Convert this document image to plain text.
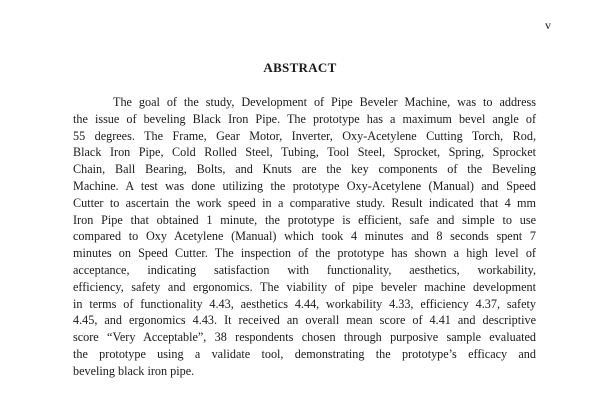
v
ABSTRACT
The goal of the study, Development of Pipe Beveler Machine, was to address
the issue of beveling Black Iron Pipe. The prototype has a maximum bevel angle of
55 degrees. The Frame, Gear Motor, Inverter, Oxy-Acetylene Cutting Torch, Rod,
Black Iron Pipe, Cold Rolled Steel, Tubing, Tool Steel, Sprocket, Spring, Sprocket
Chain, Ball Bearing, Bolts, and Knuts are the key components of the Beveling
Machine. A test was done utilizing the prototype Oxy-Acetylene (Manual) and Speed
Cutter to ascertain the work speed in a comparative study. Result indicated that 4 mm
Iron Pipe that obtained 1 minute, the prototype is efficient, safe and simple to use
compared to Oxy Acetylene (Manual) which took 4 minutes and 8 seconds spent 7
minutes on Speed Cutter. The inspection of the prototype has shown a high level of
acceptance, indicating satisfaction with functionality, aesthetics, workability,
efficiency, safety and ergonomics. The viability of pipe beveler machine development
in terms of functionality 4.43, aesthetics 4.44, workability 4.33, efficiency 4.37, safety
4.45, and ergonomics 4.43. It received an overall mean score of 4.41 and descriptive
score “Very Acceptable”, 38 respondents chosen through purposive sample evaluated
the prototype using a validate tool, demonstrating the prototype’s efficacy and
beveling black iron pipe.
